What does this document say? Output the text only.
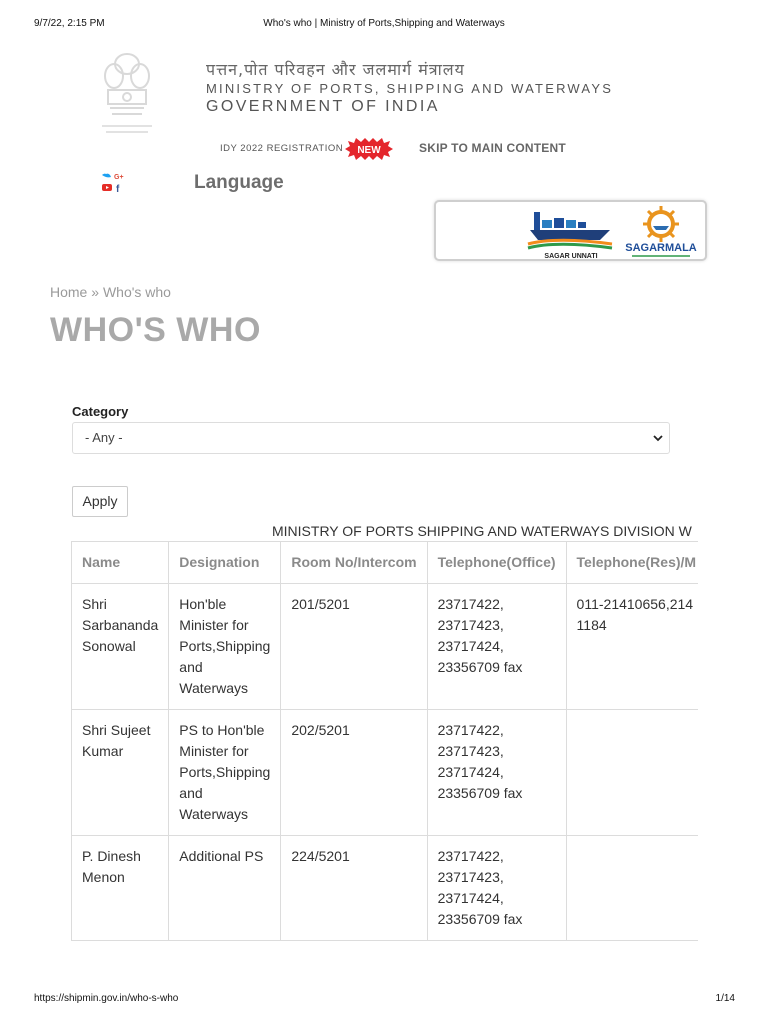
9/7/22, 2:15 PM	Who's who | Ministry of Ports,Shipping and Waterways
पत्तन,पोत परिवहन और जलमार्ग मंत्रालय
MINISTRY OF PORTS, SHIPPING AND WATERWAYS
GOVERNMENT OF INDIA
IDY 2022 REGISTRATION NEW	SKIP TO MAIN CONTENT
G+
f	Language
SAGAR UNNATI
SAGARMALA
Home » Who's who
WHO'S WHO
Category
- Any -
Apply
MINISTRY OF PORTS SHIPPING AND WATERWAYS DIVISION W
Name	Designation	Room No/Intercom	Telephone(Office)	Telephone(Res)/M
Shri Sarbananda Sonowal	Hon'ble Minister for Ports,Shipping and Waterways	201/5201	23717422, 23717423, 23717424, 23356709 fax	011-21410656,2141184
Shri Sujeet Kumar	PS to Hon'ble Minister for Ports,Shipping and Waterways	202/5201	23717422, 23717423, 23717424, 23356709 fax	
P. Dinesh Menon	Additional PS	224/5201	23717422, 23717423, 23717424, 23356709 fax	
https://shipmin.gov.in/who-s-who	1/14
